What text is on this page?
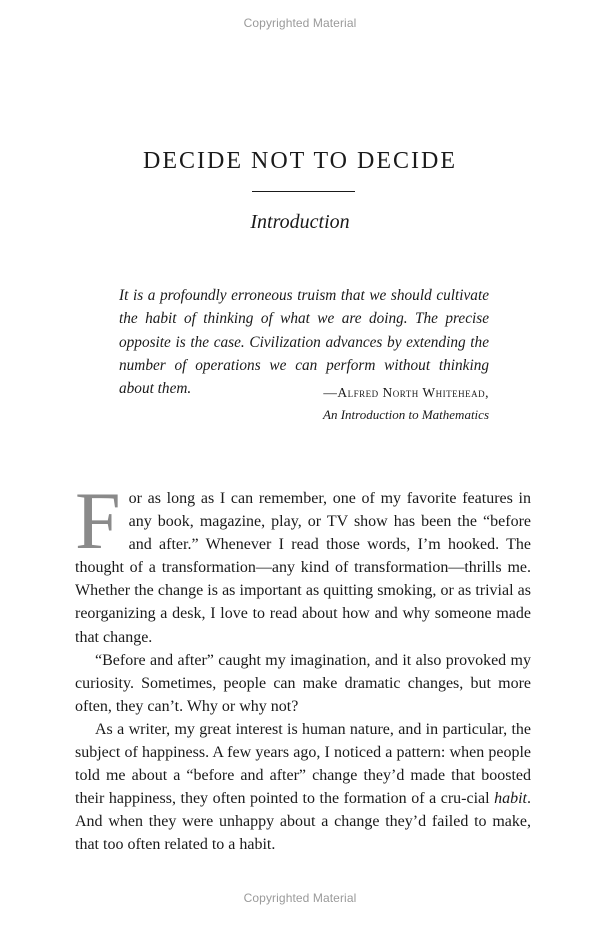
Copyrighted Material
DECIDE NOT TO DECIDE
Introduction

It is a profoundly erroneous truism that we should cultivate the habit of thinking of what we are doing. The precise opposite is the case. Civilization advances by extending the number of operations we can perform without thinking about them.	—Alfred North Whitehead,

An Introduction to Mathematics

For as long as I can remember, one of my favorite features in any book, magazine, play, or TV show has been the “before and after.” Whenever I read those words, I’m hooked. The thought of a transformation—any kind of transformation—thrills me. Whether the change is as important as quitting smoking, or as trivial as reorganizing a desk, I love to read about how and why someone made that change.

“Before and after” caught my imagination, and it also provoked my curiosity. Sometimes, people can make dramatic changes, but more often, they can’t. Why or why not?

As a writer, my great interest is human nature, and in particular, the subject of happiness. A few years ago, I noticed a pattern: when people told me about a “before and after” change they’d made that boosted their happiness, they often pointed to the formation of a cru-cial habit. And when they were unhappy about a change they’d failed to make, that too often related to a habit.

Copyrighted Material
